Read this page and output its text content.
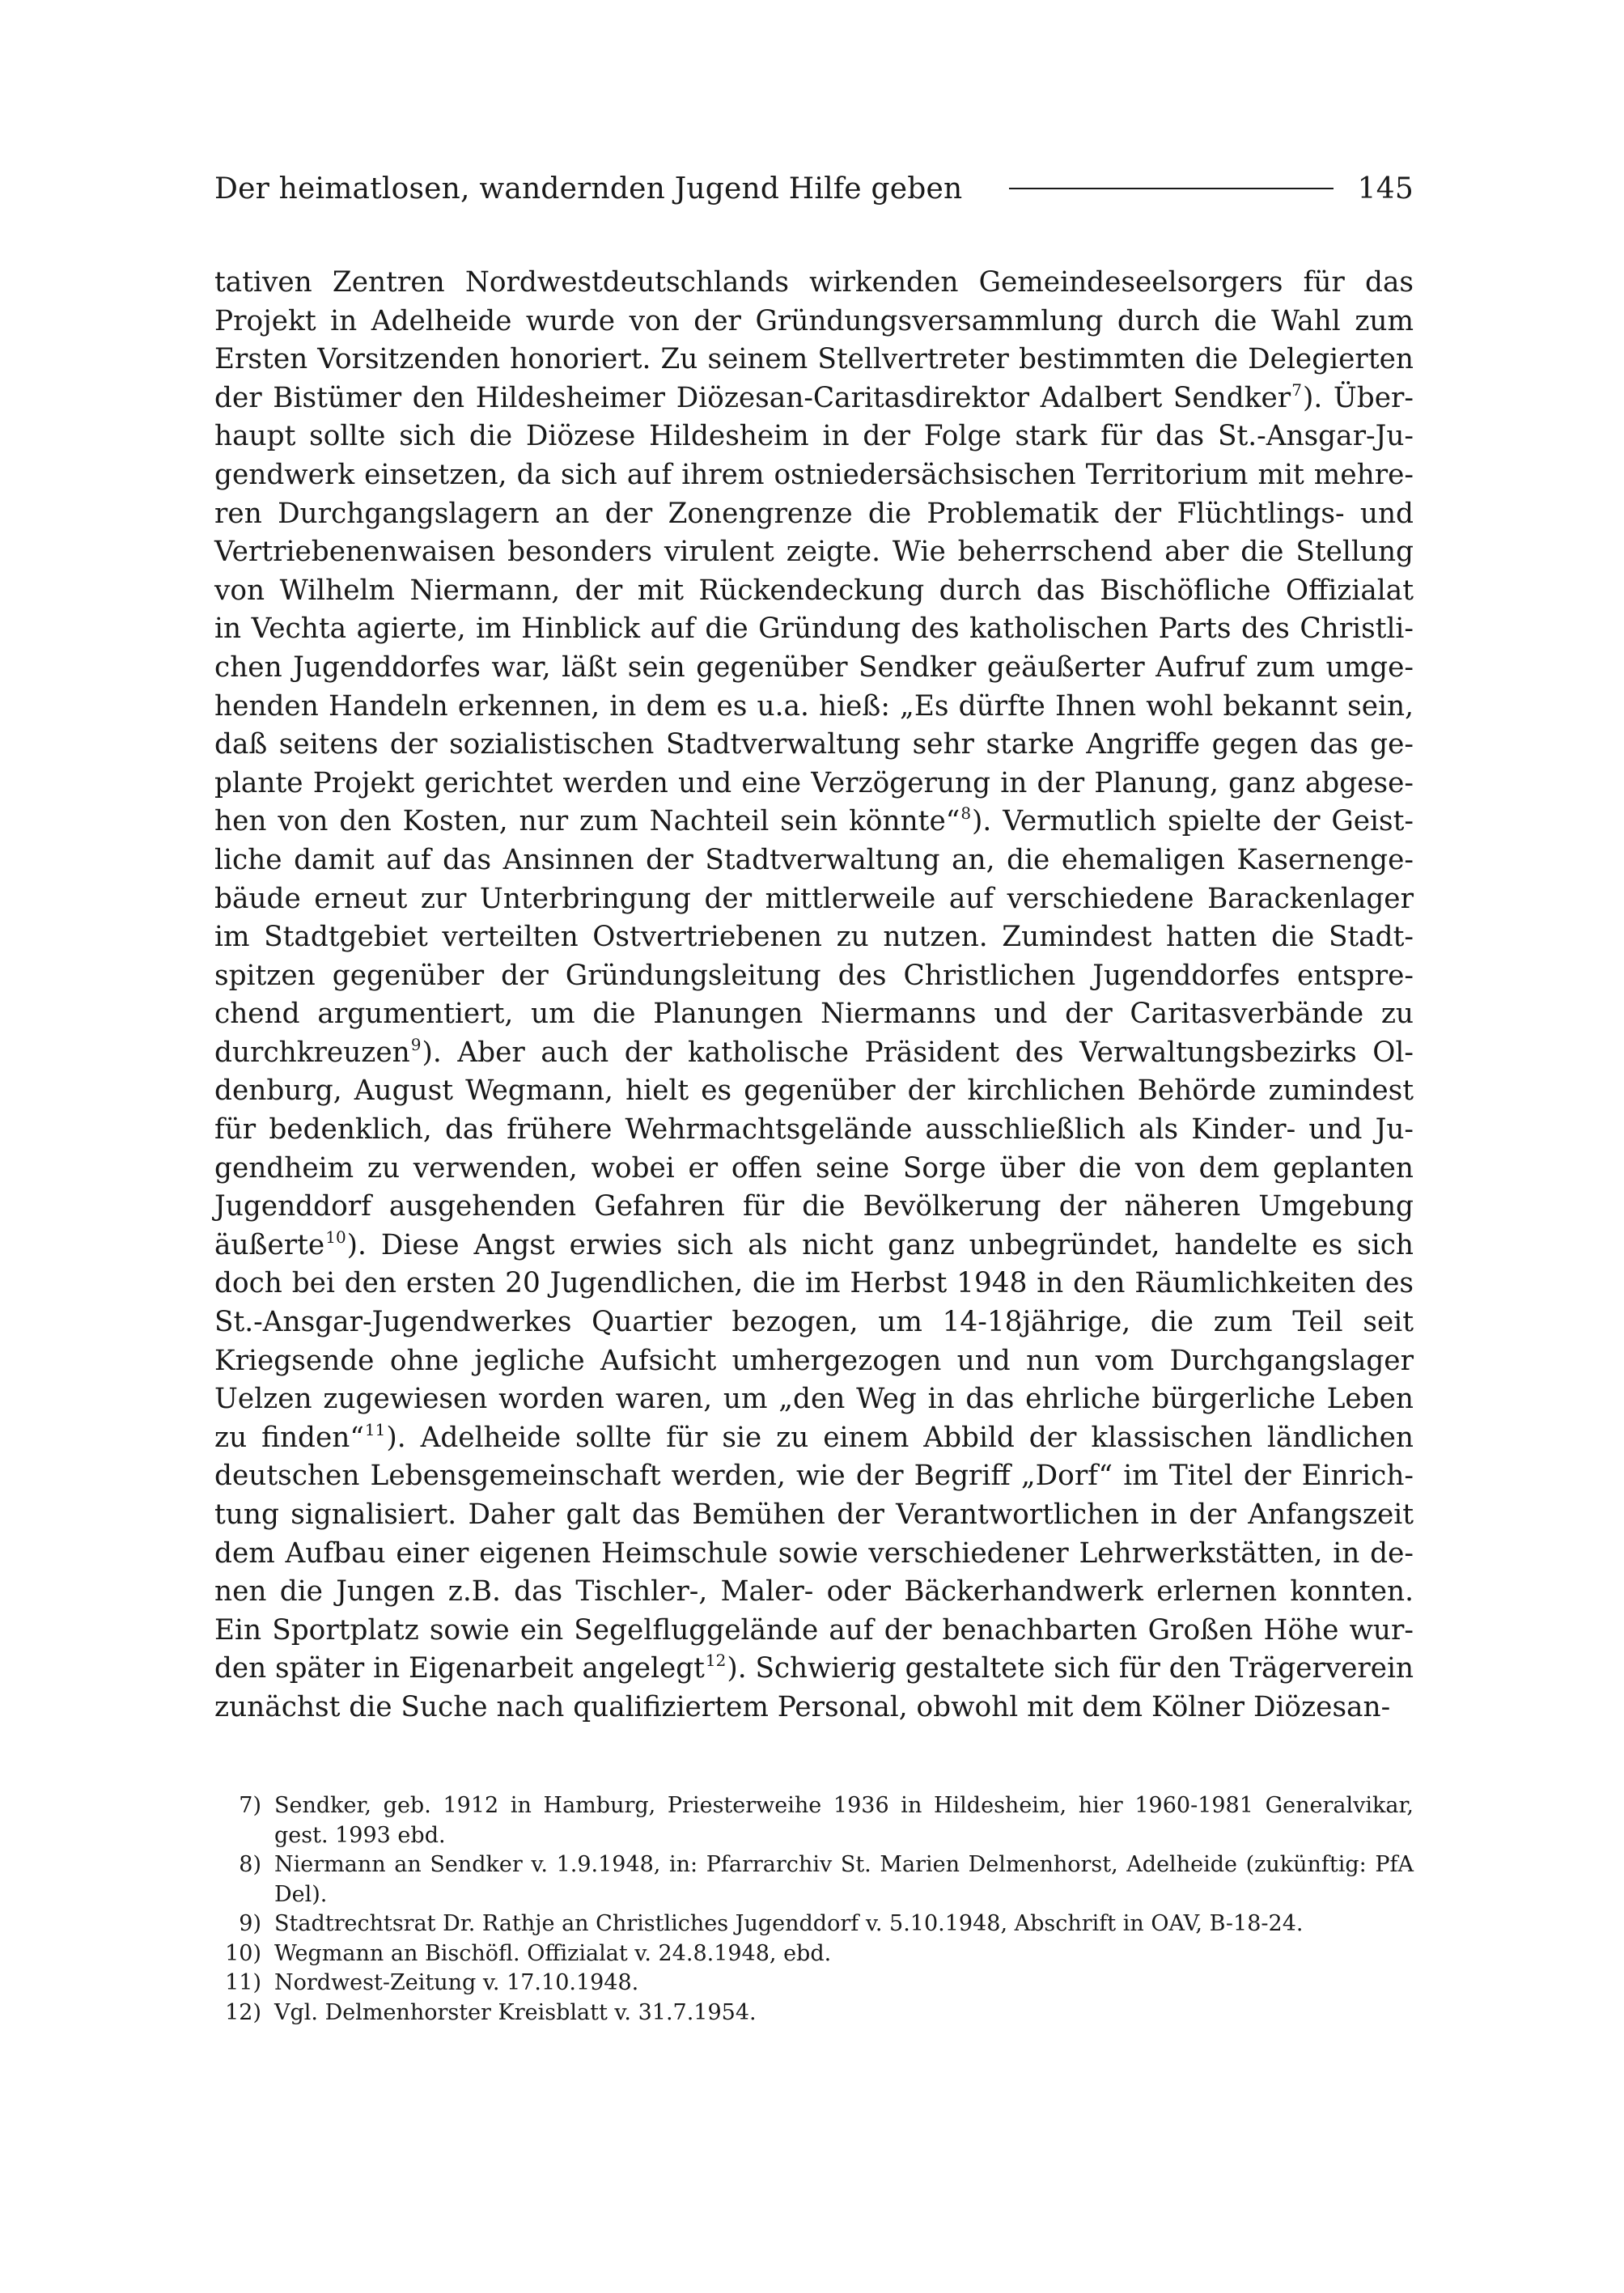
Der heimatlosen, wandernden Jugend Hilfe geben	145
tativen Zentren Nordwestdeutschlands wirkenden Gemeindeseelsorgers für das
Projekt in Adelheide wurde von der Gründungsversammlung durch die Wahl zum
Ersten Vorsitzenden honoriert. Zu seinem Stellvertreter bestimmten die Delegierten
der Bistümer den Hildesheimer Diözesan-Caritasdirektor Adalbert Sendker$^7$). Über-
haupt sollte sich die Diözese Hildesheim in der Folge stark für das St.-Ansgar-Ju-
gendwerk einsetzen, da sich auf ihrem ostniedersächsischen Territorium mit mehre-
ren Durchgangslagern an der Zonengrenze die Problematik der Flüchtlings- und
Vertriebenenwaisen besonders virulent zeigte. Wie beherrschend aber die Stellung
von Wilhelm Niermann, der mit Rückendeckung durch das Bischöfliche Offizialat
in Vechta agierte, im Hinblick auf die Gründung des katholischen Parts des Christli-
chen Jugenddorfes war, läßt sein gegenüber Sendker geäußerter Aufruf zum umge-
henden Handeln erkennen, in dem es u.a. hieß: „Es dürfte Ihnen wohl bekannt sein,
daß seitens der sozialistischen Stadtverwaltung sehr starke Angriffe gegen das ge-
plante Projekt gerichtet werden und eine Verzögerung in der Planung, ganz abgese-
hen von den Kosten, nur zum Nachteil sein könnte“$^8$). Vermutlich spielte der Geist-
liche damit auf das Ansinnen der Stadtverwaltung an, die ehemaligen Kasernenge-
bäude erneut zur Unterbringung der mittlerweile auf verschiedene Barackenlager
im Stadtgebiet verteilten Ostvertriebenen zu nutzen. Zumindest hatten die Stadt-
spitzen gegenüber der Gründungsleitung des Christlichen Jugenddorfes entspre-
chend argumentiert, um die Planungen Niermanns und der Caritasverbände zu
durchkreuzen$^9$). Aber auch der katholische Präsident des Verwaltungsbezirks Ol-
denburg, August Wegmann, hielt es gegenüber der kirchlichen Behörde zumindest
für bedenklich, das frühere Wehrmachtsgelände ausschließlich als Kinder- und Ju-
gendheim zu verwenden, wobei er offen seine Sorge über die von dem geplanten
Jugenddorf ausgehenden Gefahren für die Bevölkerung der näheren Umgebung
äußerte$^{10}$). Diese Angst erwies sich als nicht ganz unbegründet, handelte es sich
doch bei den ersten 20 Jugendlichen, die im Herbst 1948 in den Räumlichkeiten des
St.-Ansgar-Jugendwerkes Quartier bezogen, um 14-18jährige, die zum Teil seit
Kriegsende ohne jegliche Aufsicht umhergezogen und nun vom Durchgangslager
Uelzen zugewiesen worden waren, um „den Weg in das ehrliche bürgerliche Leben
zu finden“$^{11}$). Adelheide sollte für sie zu einem Abbild der klassischen ländlichen
deutschen Lebensgemeinschaft werden, wie der Begriff „Dorf“ im Titel der Einrich-
tung signalisiert. Daher galt das Bemühen der Verantwortlichen in der Anfangszeit
dem Aufbau einer eigenen Heimschule sowie verschiedener Lehrwerkstätten, in de-
nen die Jungen z.B. das Tischler-, Maler- oder Bäckerhandwerk erlernen konnten.
Ein Sportplatz sowie ein Segelfluggelände auf der benachbarten Großen Höhe wur-
den später in Eigenarbeit angelegt$^{12}$). Schwierig gestaltete sich für den Trägerverein
zunächst die Suche nach qualifiziertem Personal, obwohl mit dem Kölner Diözesan-
7) Sendker, geb. 1912 in Hamburg, Priesterweihe 1936 in Hildesheim, hier 1960-1981 Generalvikar, gest. 1993 ebd.
8) Niermann an Sendker v. 1.9.1948, in: Pfarrarchiv St. Marien Delmenhorst, Adelheide (zukünftig: PfA Del).
9) Stadtrechtsrat Dr. Rathje an Christliches Jugenddorf v. 5.10.1948, Abschrift in OAV, B-18-24.
10) Wegmann an Bischöfl. Offizialat v. 24.8.1948, ebd.
11) Nordwest-Zeitung v. 17.10.1948.
12) Vgl. Delmenhorster Kreisblatt v. 31.7.1954.
